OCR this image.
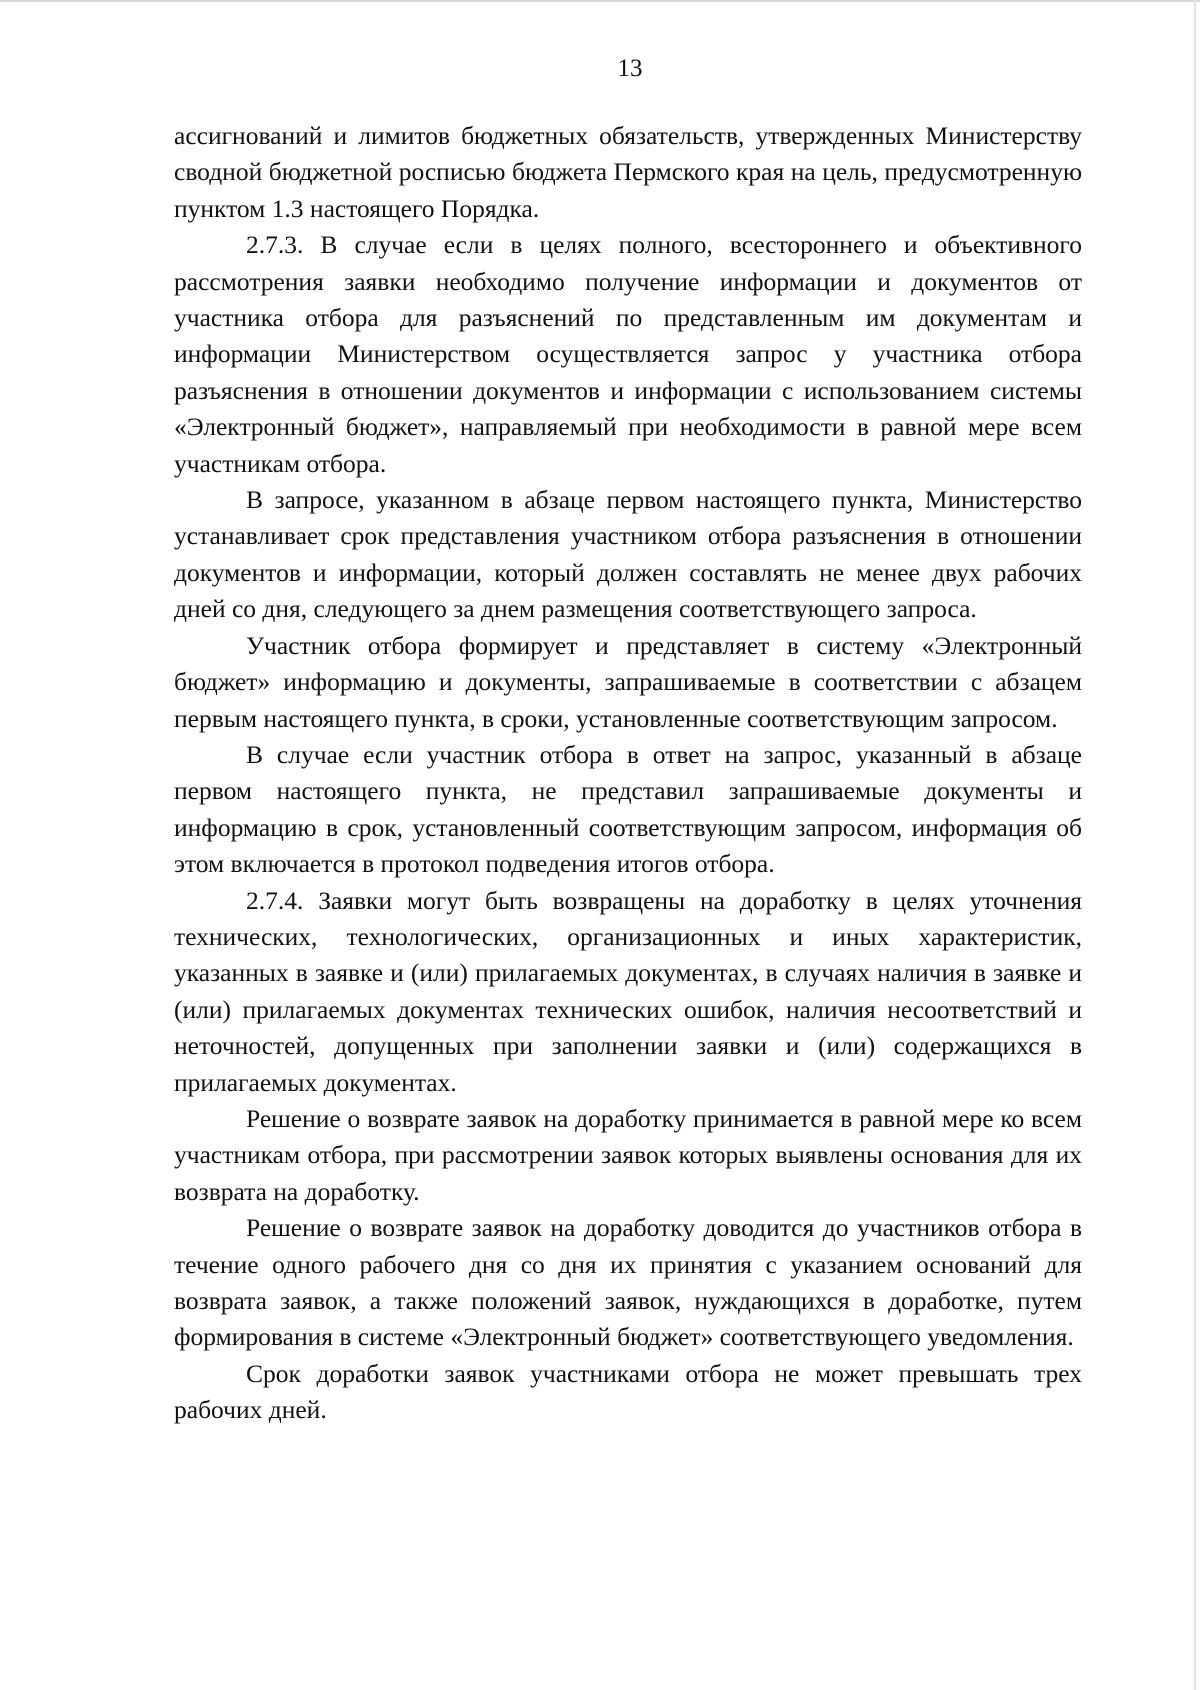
13

ассигнований и лимитов бюджетных обязательств, утвержденных Министерству сводной бюджетной росписью бюджета Пермского края на цель, предусмотренную пунктом 1.3 настоящего Порядка.

2.7.3. В случае если в целях полного, всестороннего и объективного рассмотрения заявки необходимо получение информации и документов от участника отбора для разъяснений по представленным им документам и информации Министерством осуществляется запрос у участника отбора разъяснения в отношении документов и информации с использованием системы «Электронный бюджет», направляемый при необходимости в равной мере всем участникам отбора.

В запросе, указанном в абзаце первом настоящего пункта, Министерство устанавливает срок представления участником отбора разъяснения в отношении документов и информации, который должен составлять не менее двух рабочих дней со дня, следующего за днем размещения соответствующего запроса.

Участник отбора формирует и представляет в систему «Электронный бюджет» информацию и документы, запрашиваемые в соответствии с абзацем первым настоящего пункта, в сроки, установленные соответствующим запросом.

В случае если участник отбора в ответ на запрос, указанный в абзаце первом настоящего пункта, не представил запрашиваемые документы и информацию в срок, установленный соответствующим запросом, информация об этом включается в протокол подведения итогов отбора.

2.7.4. Заявки могут быть возвращены на доработку в целях уточнения технических, технологических, организационных и иных характеристик, указанных в заявке и (или) прилагаемых документах, в случаях наличия в заявке и (или) прилагаемых документах технических ошибок, наличия несоответствий и неточностей, допущенных при заполнении заявки и (или) содержащихся в прилагаемых документах.

Решение о возврате заявок на доработку принимается в равной мере ко всем участникам отбора, при рассмотрении заявок которых выявлены основания для их возврата на доработку.

Решение о возврате заявок на доработку доводится до участников отбора в течение одного рабочего дня со дня их принятия с указанием оснований для возврата заявок, а также положений заявок, нуждающихся в доработке, путем формирования в системе «Электронный бюджет» соответствующего уведомления.

Срок доработки заявок участниками отбора не может превышать трех рабочих дней.
